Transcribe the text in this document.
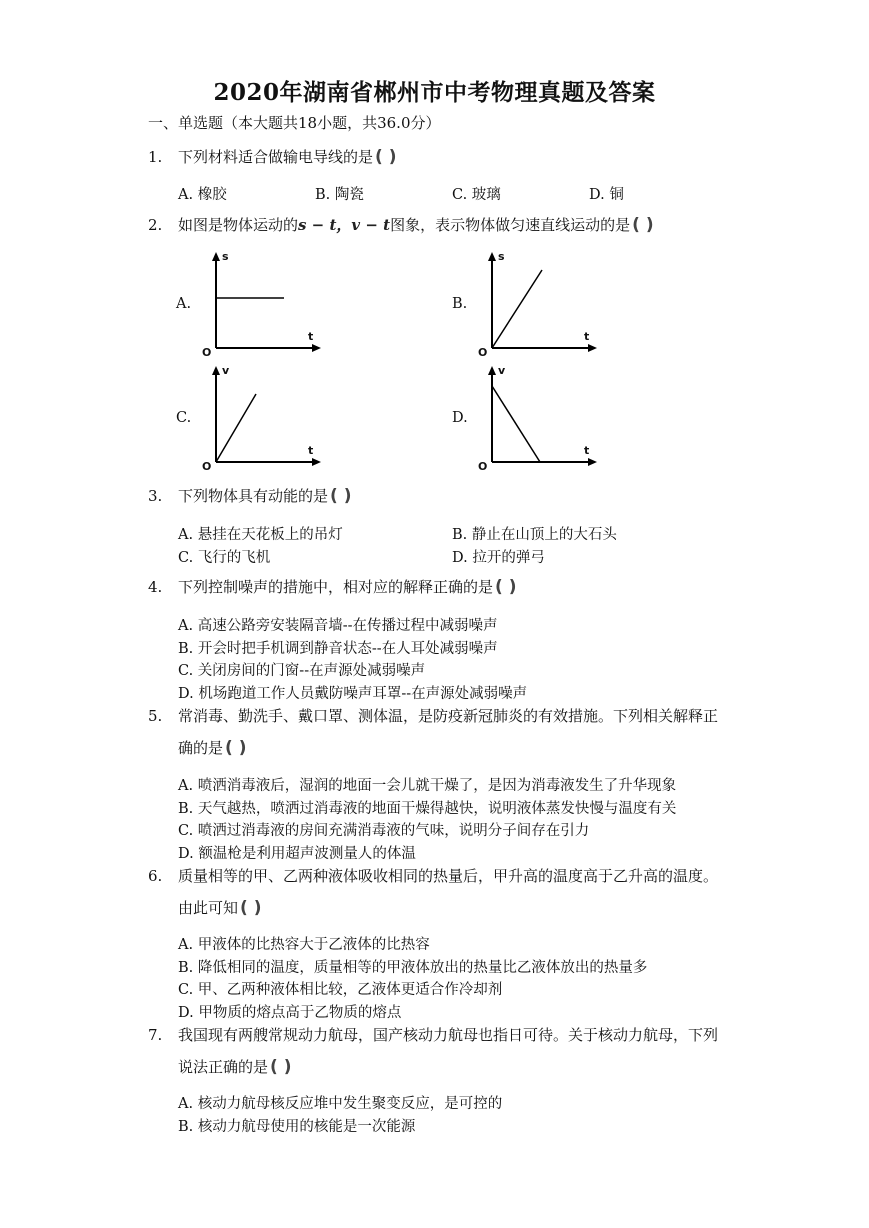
2020年湖南省郴州市中考物理真题及答案
一、单选题（本大题共18小题，共36.0分）
1. 下列材料适合做输电导线的是 ()
A. 橡胶	B. 陶瓷	C. 玻璃	D. 铜
2. 如图是物体运动的s − t，v − t图象，表示物体做匀速直线运动的是 ()
A.
s
t
O
B.
s
t
O
C.
v
t
O
D.
v
t
O
3. 下列物体具有动能的是 ()
A. 悬挂在天花板上的吊灯	B. 静止在山顶上的大石头
C. 飞行的飞机	D. 拉开的弹弓
4. 下列控制噪声的措施中，相对应的解释正确的是 ()
A. 高速公路旁安装隔音墙--在传播过程中减弱噪声
B. 开会时把手机调到静音状态--在人耳处减弱噪声
C. 关闭房间的门窗--在声源处减弱噪声
D. 机场跑道工作人员戴防噪声耳罩--在声源处减弱噪声
5. 常消毒、勤洗手、戴口罩、测体温，是防疫新冠肺炎的有效措施。下列相关解释正
确的是 ()
A. 喷洒消毒液后，湿润的地面一会儿就干燥了，是因为消毒液发生了升华现象
B. 天气越热，喷洒过消毒液的地面干燥得越快，说明液体蒸发快慢与温度有关
C. 喷洒过消毒液的房间充满消毒液的气味，说明分子间存在引力
D. 额温枪是利用超声波测量人的体温
6. 质量相等的甲、乙两种液体吸收相同的热量后，甲升高的温度高于乙升高的温度。
由此可知 ()
A. 甲液体的比热容大于乙液体的比热容
B. 降低相同的温度，质量相等的甲液体放出的热量比乙液体放出的热量多
C. 甲、乙两种液体相比较，乙液体更适合作冷却剂
D. 甲物质的熔点高于乙物质的熔点
7. 我国现有两艘常规动力航母，国产核动力航母也指日可待。关于核动力航母，下列
说法正确的是 ()
A. 核动力航母核反应堆中发生聚变反应，是可控的
B. 核动力航母使用的核能是一次能源
